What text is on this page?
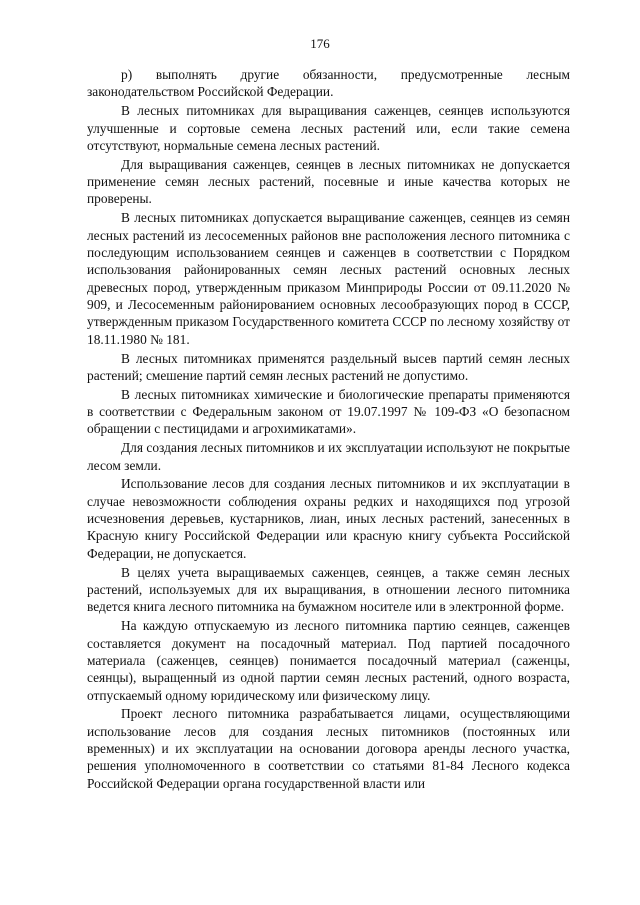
176

р) выполнять другие обязанности, предусмотренные лесным законодательством Российской Федерации.

В лесных питомниках для выращивания саженцев, сеянцев используются улучшенные и сортовые семена лесных растений или, если такие семена отсутствуют, нормальные семена лесных растений.

Для выращивания саженцев, сеянцев в лесных питомниках не допускается применение семян лесных растений, посевные и иные качества которых не проверены.

В лесных питомниках допускается выращивание саженцев, сеянцев из семян лесных растений из лесосеменных районов вне расположения лесного питомника с последующим использованием сеянцев и саженцев в соответствии с Порядком использования районированных семян лесных растений основных лесных древесных пород, утвержденным приказом Минприроды России от 09.11.2020 № 909, и Лесосеменным районированием основных лесообразующих пород в СССР, утвержденным приказом Государственного комитета СССР по лесному хозяйству от 18.11.1980 № 181.

В лесных питомниках применятся раздельный высев партий семян лесных растений; смешение партий семян лесных растений не допустимо.

В лесных питомниках химические и биологические препараты применяются в соответствии с Федеральным законом от 19.07.1997 № 109-ФЗ «О безопасном обращении с пестицидами и агрохимикатами».

Для создания лесных питомников и их эксплуатации используют не покрытые лесом земли.

Использование лесов для создания лесных питомников и их эксплуатации в случае невозможности соблюдения охраны редких и находящихся под угрозой исчезновения деревьев, кустарников, лиан, иных лесных растений, занесенных в Красную книгу Российской Федерации или красную книгу субъекта Российской Федерации, не допускается.

В целях учета выращиваемых саженцев, сеянцев, а также семян лесных растений, используемых для их выращивания, в отношении лесного питомника ведется книга лесного питомника на бумажном носителе или в электронной форме.

На каждую отпускаемую из лесного питомника партию сеянцев, саженцев составляется документ на посадочный материал. Под партией посадочного материала (саженцев, сеянцев) понимается посадочный материал (саженцы, сеянцы), выращенный из одной партии семян лесных растений, одного возраста, отпускаемый одному юридическому или физическому лицу.

Проект лесного питомника разрабатывается лицами, осуществляющими использование лесов для создания лесных питомников (постоянных или временных) и их эксплуатации на основании договора аренды лесного участка, решения уполномоченного в соответствии со статьями 81-84 Лесного кодекса Российской Федерации органа государственной власти или
